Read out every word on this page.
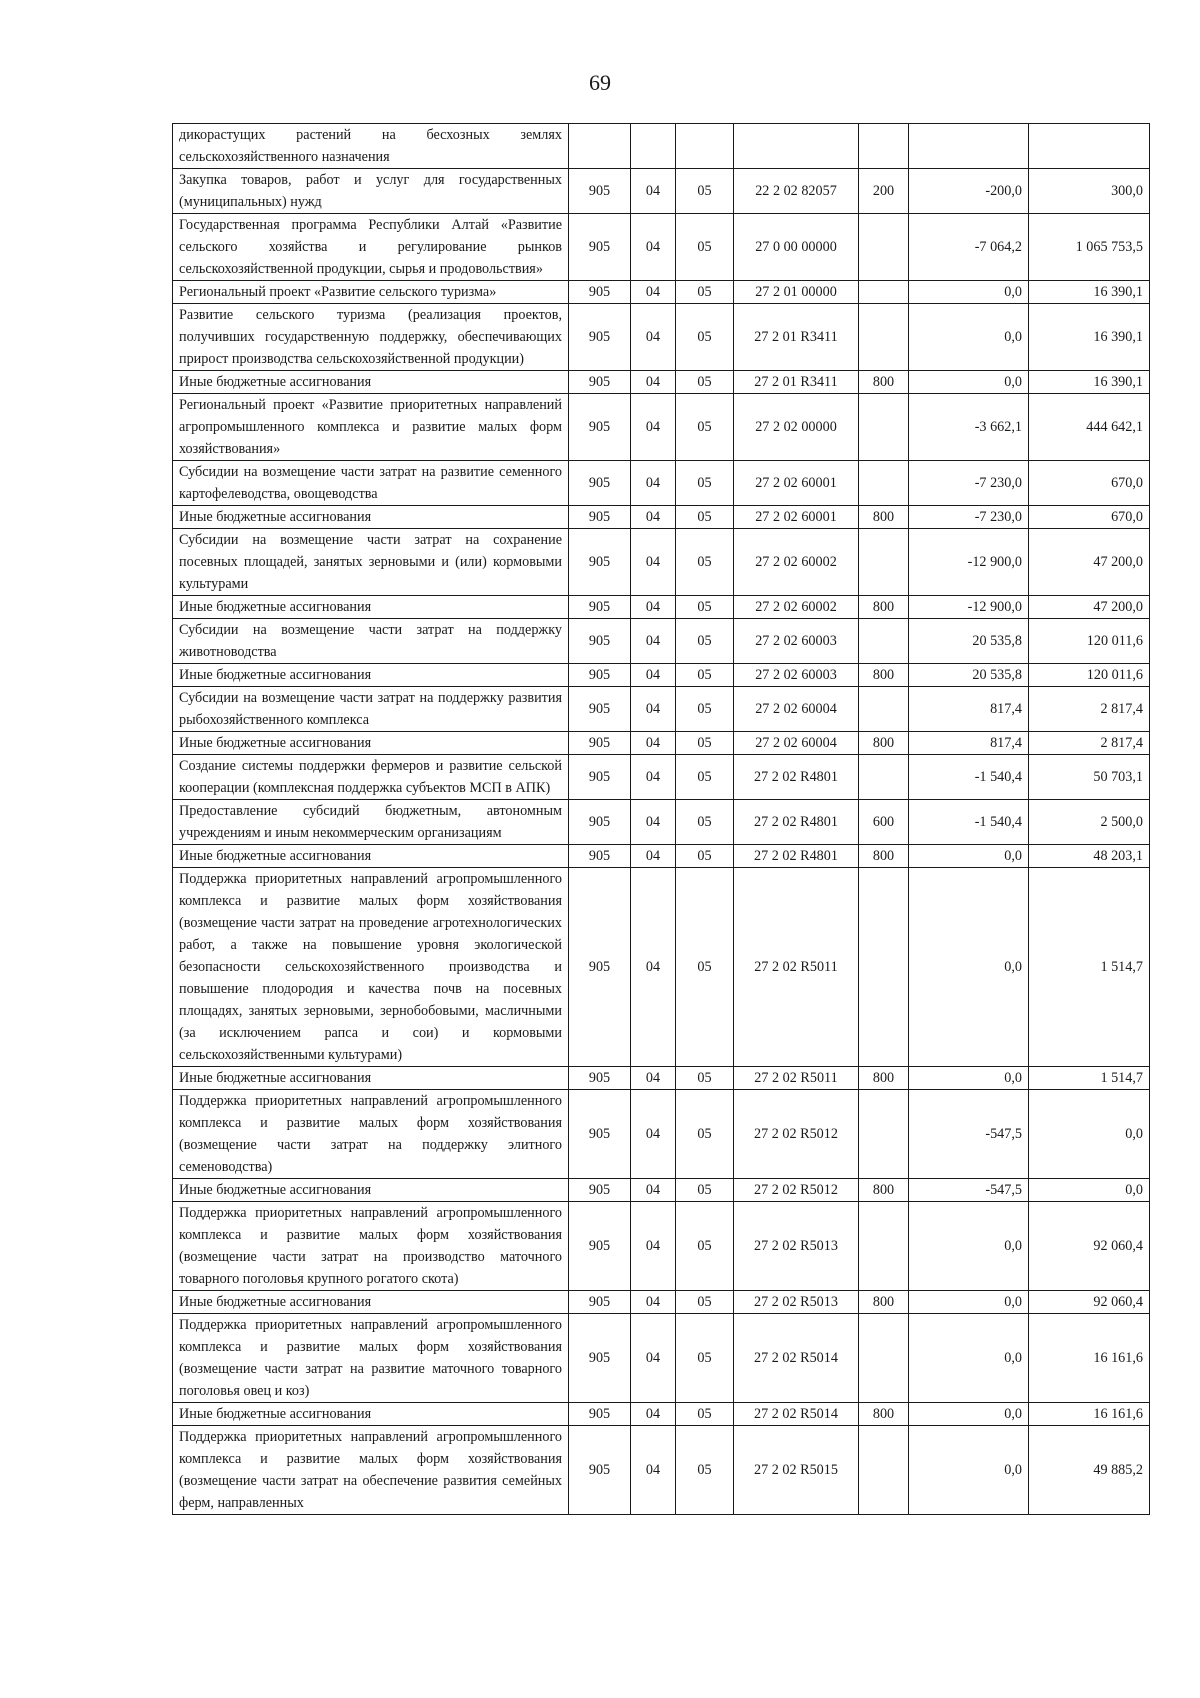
69
дикорастущих растений на бесхозных землях сельскохозяйственного назначения							
Закупка товаров, работ и услуг для государственных (муниципальных) нужд	905	04	05	22 2 02 82057	200	-200,0	300,0
Государственная программа Республики Алтай «Развитие сельского хозяйства и регулирование рынков сельскохозяйственной продукции, сырья и продовольствия»	905	04	05	27 0 00 00000		-7 064,2	1 065 753,5
Региональный проект «Развитие сельского туризма»	905	04	05	27 2 01 00000		0,0	16 390,1
Развитие сельского туризма (реализация проектов, получивших государственную поддержку, обеспечивающих прирост производства сельскохозяйственной продукции)	905	04	05	27 2 01 R3411		0,0	16 390,1
Иные бюджетные ассигнования	905	04	05	27 2 01 R3411	800	0,0	16 390,1
Региональный проект «Развитие приоритетных направлений агропромышленного комплекса и развитие малых форм хозяйствования»	905	04	05	27 2 02 00000		-3 662,1	444 642,1
Субсидии на возмещение части затрат на развитие семенного картофелеводства, овощеводства	905	04	05	27 2 02 60001		-7 230,0	670,0
Иные бюджетные ассигнования	905	04	05	27 2 02 60001	800	-7 230,0	670,0
Субсидии на возмещение части затрат на сохранение посевных площадей, занятых зерновыми и (или) кормовыми культурами	905	04	05	27 2 02 60002		-12 900,0	47 200,0
Иные бюджетные ассигнования	905	04	05	27 2 02 60002	800	-12 900,0	47 200,0
Субсидии на возмещение части затрат на поддержку животноводства	905	04	05	27 2 02 60003		20 535,8	120 011,6
Иные бюджетные ассигнования	905	04	05	27 2 02 60003	800	20 535,8	120 011,6
Субсидии на возмещение части затрат на поддержку развития рыбохозяйственного комплекса	905	04	05	27 2 02 60004		817,4	2 817,4
Иные бюджетные ассигнования	905	04	05	27 2 02 60004	800	817,4	2 817,4
Создание системы поддержки фермеров и развитие сельской кооперации (комплексная поддержка субъектов МСП в АПК)	905	04	05	27 2 02 R4801		-1 540,4	50 703,1
Предоставление субсидий бюджетным, автономным учреждениям и иным некоммерческим организациям	905	04	05	27 2 02 R4801	600	-1 540,4	2 500,0
Иные бюджетные ассигнования	905	04	05	27 2 02 R4801	800	0,0	48 203,1
Поддержка приоритетных направлений агропромышленного комплекса и развитие малых форм хозяйствования (возмещение части затрат на проведение агротехнологических работ, а также на повышение уровня экологической безопасности сельскохозяйственного производства и повышение плодородия и качества почв на посевных площадях, занятых зерновыми, зернобобовыми, масличными (за исключением рапса и сои) и кормовыми сельскохозяйственными культурами)	905	04	05	27 2 02 R5011		0,0	1 514,7
Иные бюджетные ассигнования	905	04	05	27 2 02 R5011	800	0,0	1 514,7
Поддержка приоритетных направлений агропромышленного комплекса и развитие малых форм хозяйствования (возмещение части затрат на поддержку элитного семеноводства)	905	04	05	27 2 02 R5012		-547,5	0,0
Иные бюджетные ассигнования	905	04	05	27 2 02 R5012	800	-547,5	0,0
Поддержка приоритетных направлений агропромышленного комплекса и развитие малых форм хозяйствования (возмещение части затрат на производство маточного товарного поголовья крупного рогатого скота)	905	04	05	27 2 02 R5013		0,0	92 060,4
Иные бюджетные ассигнования	905	04	05	27 2 02 R5013	800	0,0	92 060,4
Поддержка приоритетных направлений агропромышленного комплекса и развитие малых форм хозяйствования (возмещение части затрат на развитие маточного товарного поголовья овец и коз)	905	04	05	27 2 02 R5014		0,0	16 161,6
Иные бюджетные ассигнования	905	04	05	27 2 02 R5014	800	0,0	16 161,6
Поддержка приоритетных направлений агропромышленного комплекса и развитие малых форм хозяйствования (возмещение части затрат на обеспечение развития семейных ферм, направленных	905	04	05	27 2 02 R5015		0,0	49 885,2
